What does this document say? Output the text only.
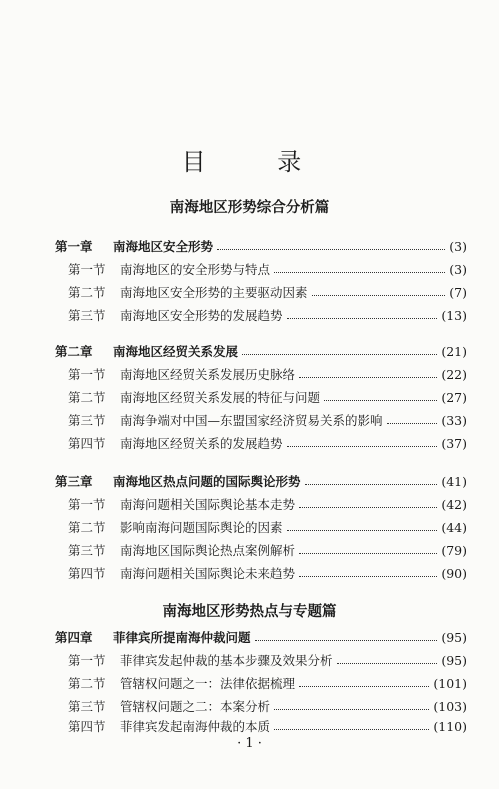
目 录
南海地区形势综合分析篇
第一章	南海地区安全形势	(3)
第一节	南海地区的安全形势与特点	(3)
第二节	南海地区安全形势的主要驱动因素	(7)
第三节	南海地区安全形势的发展趋势	(13)
第二章	南海地区经贸关系发展	(21)
第一节	南海地区经贸关系发展历史脉络	(22)
第二节	南海地区经贸关系发展的特征与问题	(27)
第三节	南海争端对中国—东盟国家经济贸易关系的影响	(33)
第四节	南海地区经贸关系的发展趋势	(37)
第三章	南海地区热点问题的国际舆论形势	(41)
第一节	南海问题相关国际舆论基本走势	(42)
第二节	影响南海问题国际舆论的因素	(44)
第三节	南海地区国际舆论热点案例解析	(79)
第四节	南海问题相关国际舆论未来趋势	(90)
南海地区形势热点与专题篇
第四章	菲律宾所提南海仲裁问题	(95)
第一节	菲律宾发起仲裁的基本步骤及效果分析	(95)
第二节	管辖权问题之一：法律依据梳理	(101)
第三节	管辖权问题之二：本案分析	(103)
第四节	菲律宾发起南海仲裁的本质	(110)
· 1 ·
